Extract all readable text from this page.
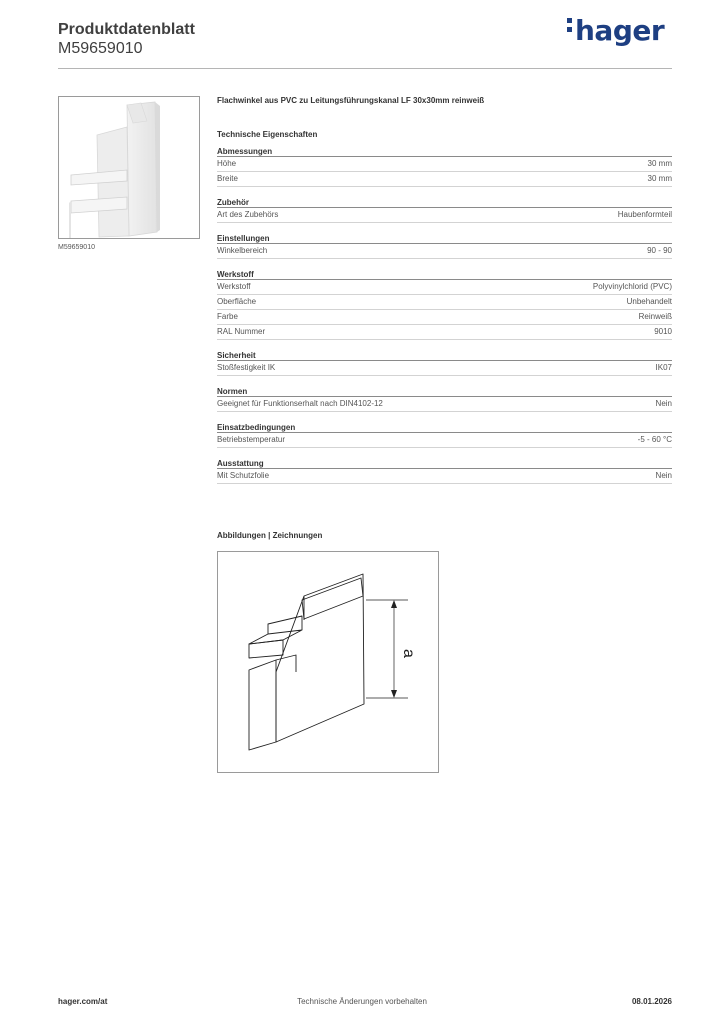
Produktdatenblatt
M59659010
hager
M59659010
Flachwinkel aus PVC zu Leitungsführungskanal LF 30x30mm reinweiß
Technische Eigenschaften
Abmessungen
Höhe	30 mm
Breite	30 mm
Zubehör
Art des Zubehörs	Haubenformteil
Einstellungen
Winkelbereich	90 - 90
Werkstoff
Werkstoff	Polyvinylchlorid (PVC)
Oberfläche	Unbehandelt
Farbe	Reinweiß
RAL Nummer	9010
Sicherheit
Stoßfestigkeit IK	IK07
Normen
Geeignet für Funktionserhalt nach DIN4102-12	Nein
Einsatzbedingungen
Betriebstemperatur	-5 - 60 °C
Ausstattung
Mit Schutzfolie	Nein
Abbildungen | Zeichnungen
a
hager.com/at	Technische Änderungen vorbehalten	08.01.2026
